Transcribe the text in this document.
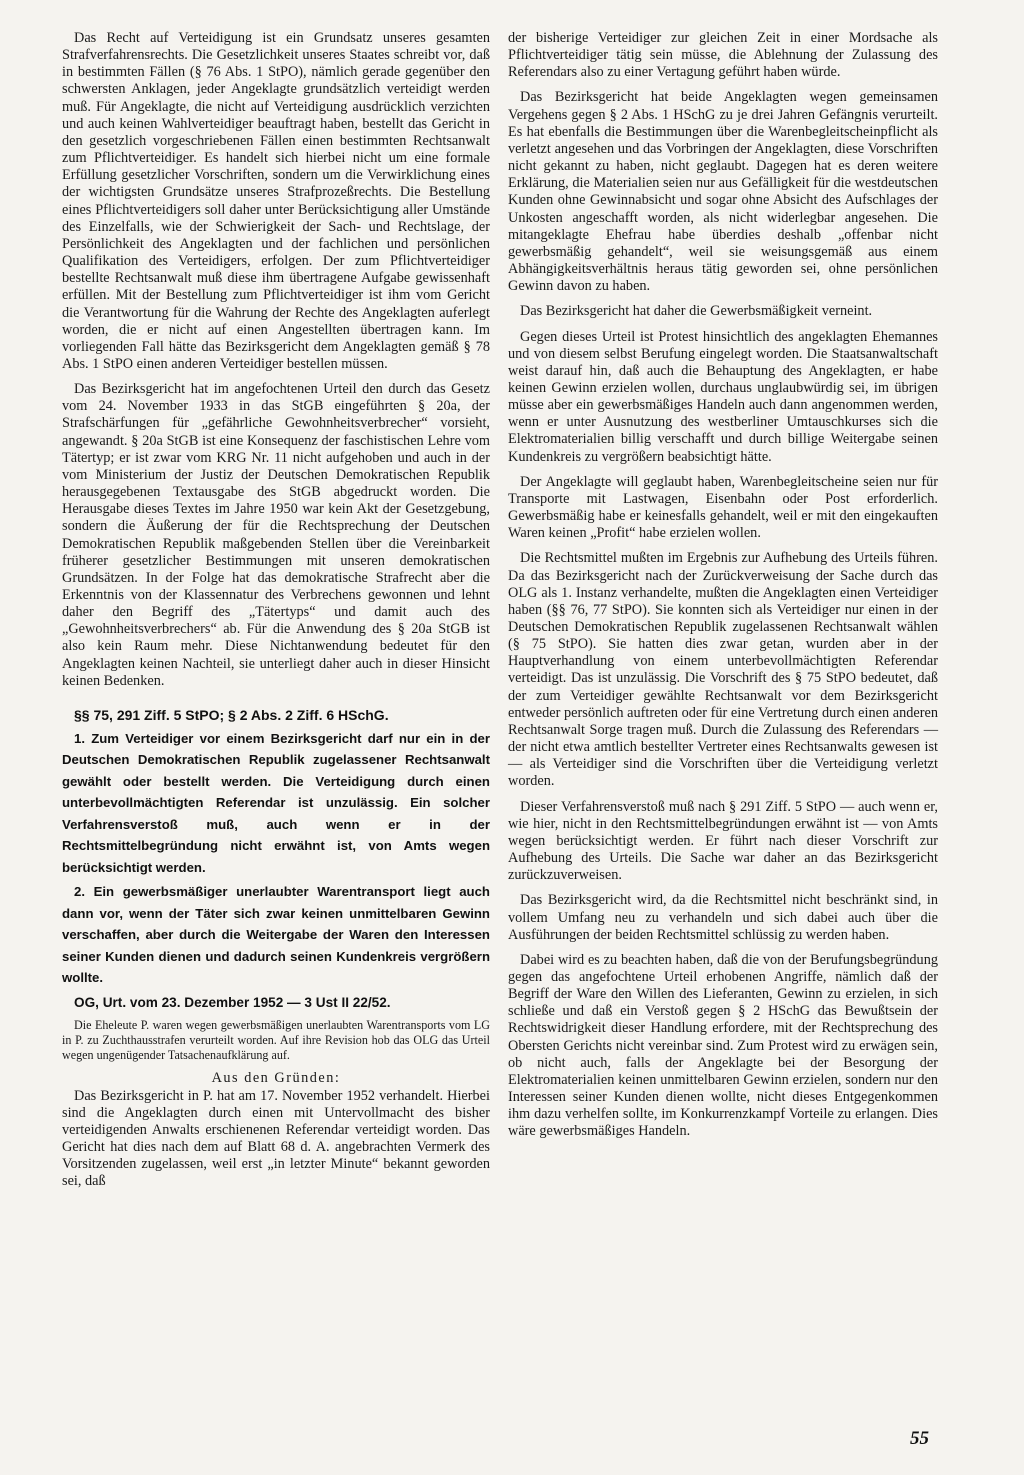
Das Recht auf Verteidigung ist ein Grundsatz unseres gesamten Strafverfahrensrechts. Die Gesetzlichkeit unseres Staates schreibt vor, daß in bestimmten Fällen (§ 76 Abs. 1 StPO), nämlich gerade gegenüber den schwersten Anklagen, jeder Angeklagte grundsätzlich verteidigt werden muß. Für Angeklagte, die nicht auf Verteidigung ausdrücklich verzichten und auch keinen Wahlverteidiger beauftragt haben, bestellt das Gericht in den gesetzlich vorgeschriebenen Fällen einen bestimmten Rechtsanwalt zum Pflichtverteidiger. Es handelt sich hierbei nicht um eine formale Erfüllung gesetzlicher Vorschriften, sondern um die Verwirklichung eines der wichtigsten Grundsätze unseres Strafprozeßrechts. Die Bestellung eines Pflichtverteidigers soll daher unter Berücksichtigung aller Umstände des Einzelfalls, wie der Schwierigkeit der Sach- und Rechtslage, der Persönlichkeit des Angeklagten und der fachlichen und persönlichen Qualifikation des Verteidigers, erfolgen. Der zum Pflichtverteidiger bestellte Rechtsanwalt muß diese ihm übertragene Aufgabe gewissenhaft erfüllen. Mit der Bestellung zum Pflichtverteidiger ist ihm vom Gericht die Verantwortung für die Wahrung der Rechte des Angeklagten auferlegt worden, die er nicht auf einen Angestellten übertragen kann. Im vorliegenden Fall hätte das Bezirksgericht dem Angeklagten gemäß § 78 Abs. 1 StPO einen anderen Verteidiger bestellen müssen.

Das Bezirksgericht hat im angefochtenen Urteil den durch das Gesetz vom 24. November 1933 in das StGB eingeführten § 20a, der Strafschärfungen für „gefährliche Gewohnheitsverbrecher“ vorsieht, angewandt. § 20a StGB ist eine Konsequenz der faschistischen Lehre vom Tätertyp; er ist zwar vom KRG Nr. 11 nicht aufgehoben und auch in der vom Ministerium der Justiz der Deutschen Demokratischen Republik herausgegebenen Textausgabe des StGB abgedruckt worden. Die Herausgabe dieses Textes im Jahre 1950 war kein Akt der Gesetzgebung, sondern die Äußerung der für die Rechtsprechung der Deutschen Demokratischen Republik maßgebenden Stellen über die Vereinbarkeit früherer gesetzlicher Bestimmungen mit unseren demokratischen Grundsätzen. In der Folge hat das demokratische Strafrecht aber die Erkenntnis von der Klassennatur des Verbrechens gewonnen und lehnt daher den Begriff des „Tätertyps“ und damit auch des „Gewohnheitsverbrechers“ ab. Für die Anwendung des § 20a StGB ist also kein Raum mehr. Diese Nichtanwendung bedeutet für den Angeklagten keinen Nachteil, sie unterliegt daher auch in dieser Hinsicht keinen Bedenken.

§§ 75, 291 Ziff. 5 StPO; § 2 Abs. 2 Ziff. 6 HSchG.

1. Zum Verteidiger vor einem Bezirksgericht darf nur ein in der Deutschen Demokratischen Republik zugelassener Rechtsanwalt gewählt oder bestellt werden. Die Verteidigung durch einen unterbevollmächtigten Referendar ist unzulässig. Ein solcher Verfahrensverstoß muß, auch wenn er in der Rechtsmittelbegründung nicht erwähnt ist, von Amts wegen berücksichtigt werden.

2. Ein gewerbsmäßiger unerlaubter Warentransport liegt auch dann vor, wenn der Täter sich zwar keinen unmittelbaren Gewinn verschaffen, aber durch die Weitergabe der Waren den Interessen seiner Kunden dienen und dadurch seinen Kundenkreis vergrößern wollte.

OG, Urt. vom 23. Dezember 1952 — 3 Ust II 22/52.

Die Eheleute P. waren wegen gewerbsmäßigen unerlaubten Warentransports vom LG in P. zu Zuchthausstrafen verurteilt worden. Auf ihre Revision hob das OLG das Urteil wegen ungenügender Tatsachenaufklärung auf.

Aus den Gründen:

Das Bezirksgericht in P. hat am 17. November 1952 verhandelt. Hierbei sind die Angeklagten durch einen mit Untervollmacht des bisher verteidigenden Anwalts erschienenen Referendar verteidigt worden. Das Gericht hat dies nach dem auf Blatt 68 d. A. angebrachten Vermerk des Vorsitzenden zugelassen, weil erst „in letzter Minute“ bekannt geworden sei, daß

der bisherige Verteidiger zur gleichen Zeit in einer Mordsache als Pflichtverteidiger tätig sein müsse, die Ablehnung der Zulassung des Referendars also zu einer Vertagung geführt haben würde.

Das Bezirksgericht hat beide Angeklagten wegen gemeinsamen Vergehens gegen § 2 Abs. 1 HSchG zu je drei Jahren Gefängnis verurteilt. Es hat ebenfalls die Bestimmungen über die Warenbegleitscheinpflicht als verletzt angesehen und das Vorbringen der Angeklagten, diese Vorschriften nicht gekannt zu haben, nicht geglaubt. Dagegen hat es deren weitere Erklärung, die Materialien seien nur aus Gefälligkeit für die westdeutschen Kunden ohne Gewinnabsicht und sogar ohne Absicht des Aufschlages der Unkosten angeschafft worden, als nicht widerlegbar angesehen. Die mitangeklagte Ehefrau habe überdies deshalb „offenbar nicht gewerbsmäßig gehandelt“, weil sie weisungsgemäß aus einem Abhängigkeitsverhältnis heraus tätig geworden sei, ohne persönlichen Gewinn davon zu haben.

Das Bezirksgericht hat daher die Gewerbsmäßigkeit verneint.

Gegen dieses Urteil ist Protest hinsichtlich des angeklagten Ehemannes und von diesem selbst Berufung eingelegt worden. Die Staatsanwaltschaft weist darauf hin, daß auch die Behauptung des Angeklagten, er habe keinen Gewinn erzielen wollen, durchaus unglaubwürdig sei, im übrigen müsse aber ein gewerbsmäßiges Handeln auch dann angenommen werden, wenn er unter Ausnutzung des westberliner Umtauschkurses sich die Elektromaterialien billig verschafft und durch billige Weitergabe seinen Kundenkreis zu vergrößern beabsichtigt hätte.

Der Angeklagte will geglaubt haben, Warenbegleitscheine seien nur für Transporte mit Lastwagen, Eisenbahn oder Post erforderlich. Gewerbsmäßig habe er keinesfalls gehandelt, weil er mit den eingekauften Waren keinen „Profit“ habe erzielen wollen.

Die Rechtsmittel mußten im Ergebnis zur Aufhebung des Urteils führen. Da das Bezirksgericht nach der Zurückverweisung der Sache durch das OLG als 1. Instanz verhandelte, mußten die Angeklagten einen Verteidiger haben (§§ 76, 77 StPO). Sie konnten sich als Verteidiger nur einen in der Deutschen Demokratischen Republik zugelassenen Rechtsanwalt wählen (§ 75 StPO). Sie hatten dies zwar getan, wurden aber in der Hauptverhandlung von einem unterbevollmächtigten Referendar verteidigt. Das ist unzulässig. Die Vorschrift des § 75 StPO bedeutet, daß der zum Verteidiger gewählte Rechtsanwalt vor dem Bezirksgericht entweder persönlich auftreten oder für eine Vertretung durch einen anderen Rechtsanwalt Sorge tragen muß. Durch die Zulassung des Referendars — der nicht etwa amtlich bestellter Vertreter eines Rechtsanwalts gewesen ist — als Verteidiger sind die Vorschriften über die Verteidigung verletzt worden.

Dieser Verfahrensverstoß muß nach § 291 Ziff. 5 StPO — auch wenn er, wie hier, nicht in den Rechtsmittelbegründungen erwähnt ist — von Amts wegen berücksichtigt werden. Er führt nach dieser Vorschrift zur Aufhebung des Urteils. Die Sache war daher an das Bezirksgericht zurückzuverweisen.

Das Bezirksgericht wird, da die Rechtsmittel nicht beschränkt sind, in vollem Umfang neu zu verhandeln und sich dabei auch über die Ausführungen der beiden Rechtsmittel schlüssig zu werden haben.

Dabei wird es zu beachten haben, daß die von der Berufungsbegründung gegen das angefochtene Urteil erhobenen Angriffe, nämlich daß der Begriff der Ware den Willen des Lieferanten, Gewinn zu erzielen, in sich schließe und daß ein Verstoß gegen § 2 HSchG das Bewußtsein der Rechtswidrigkeit dieser Handlung erfordere, mit der Rechtsprechung des Obersten Gerichts nicht vereinbar sind. Zum Protest wird zu erwägen sein, ob nicht auch, falls der Angeklagte bei der Besorgung der Elektromaterialien keinen unmittelbaren Gewinn erzielen, sondern nur den Interessen seiner Kunden dienen wollte, nicht dieses Entgegenkommen ihm dazu verhelfen sollte, im Konkurrenzkampf Vorteile zu erlangen. Dies wäre gewerbsmäßiges Handeln.

55
